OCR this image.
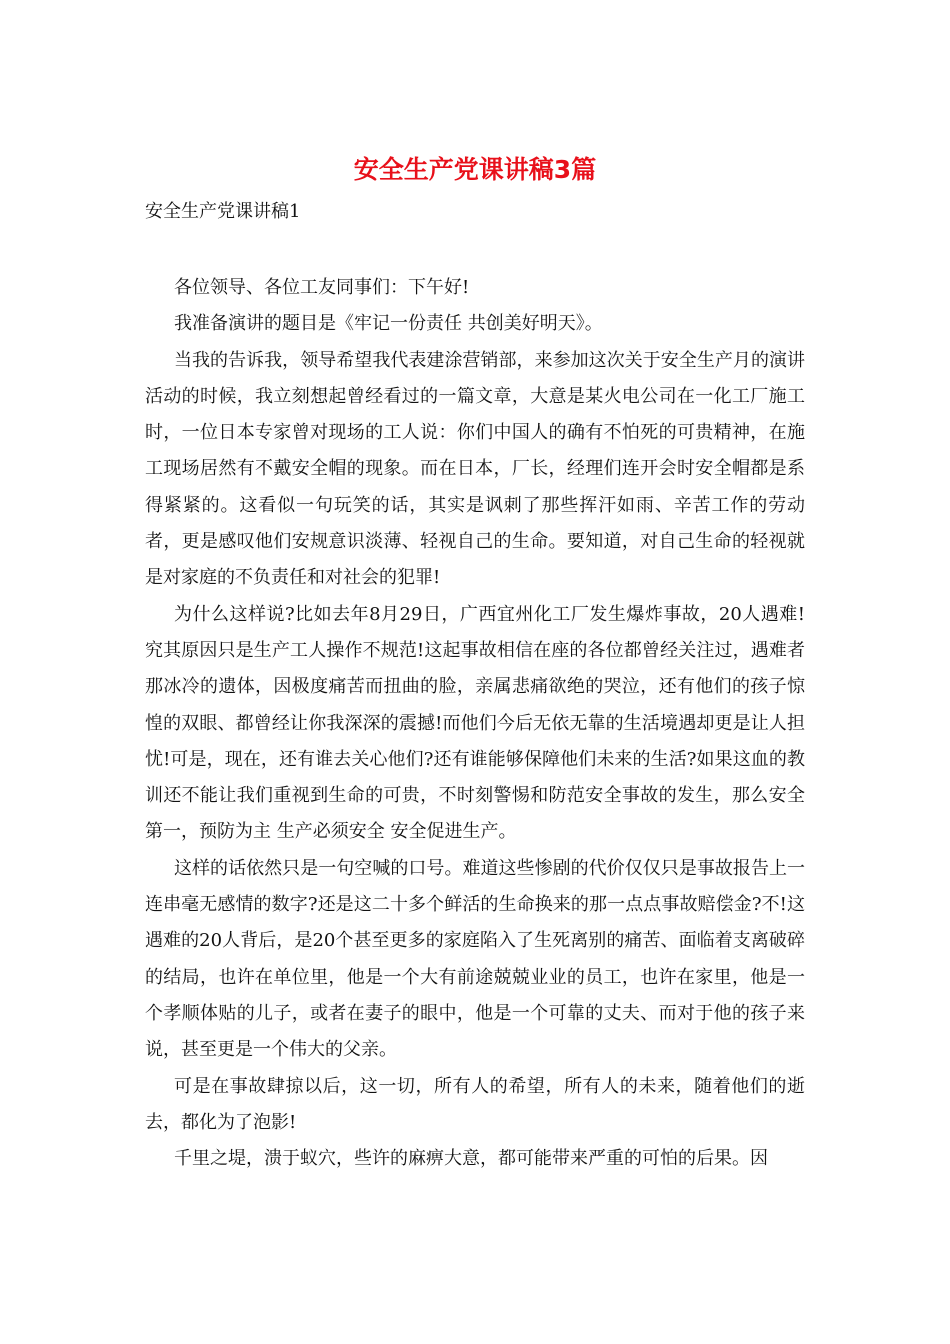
安全生产党课讲稿3篇
安全生产党课讲稿1

各位领导、各位工友同事们：下午好!

我准备演讲的题目是《牢记一份责任 共创美好明天》。

当我的告诉我，领导希望我代表建涂营销部，来参加这次关于安全生产月的演讲活动的时候，我立刻想起曾经看过的一篇文章，大意是某火电公司在一化工厂施工时，一位日本专家曾对现场的工人说：你们中国人的确有不怕死的可贵精神，在施工现场居然有不戴安全帽的现象。而在日本，厂长，经理们连开会时安全帽都是系得紧紧的。这看似一句玩笑的话，其实是讽刺了那些挥汗如雨、辛苦工作的劳动者，更是感叹他们安规意识淡薄、轻视自己的生命。要知道，对自己生命的轻视就是对家庭的不负责任和对社会的犯罪!

为什么这样说?比如去年8月29日，广西宜州化工厂发生爆炸事故，20人遇难!究其原因只是生产工人操作不规范!这起事故相信在座的各位都曾经关注过，遇难者那冰冷的遗体，因极度痛苦而扭曲的脸，亲属悲痛欲绝的哭泣，还有他们的孩子惊惶的双眼、都曾经让你我深深的震撼!而他们今后无依无靠的生活境遇却更是让人担忧!可是，现在，还有谁去关心他们?还有谁能够保障他们未来的生活?如果这血的教训还不能让我们重视到生命的可贵，不时刻警惕和防范安全事故的发生，那么安全第一，预防为主 生产必须安全 安全促进生产。

这样的话依然只是一句空喊的口号。难道这些惨剧的代价仅仅只是事故报告上一连串毫无感情的数字?还是这二十多个鲜活的生命换来的那一点点事故赔偿金?不!这遇难的20人背后，是20个甚至更多的家庭陷入了生死离别的痛苦、面临着支离破碎的结局，也许在单位里，他是一个大有前途兢兢业业的员工，也许在家里，他是一个孝顺体贴的儿子，或者在妻子的眼中，他是一个可靠的丈夫、而对于他的孩子来说，甚至更是一个伟大的父亲。

可是在事故肆掠以后，这一切，所有人的希望，所有人的未来，随着他们的逝去，都化为了泡影!

千里之堤，溃于蚁穴，些许的麻痹大意，都可能带来严重的可怕的后果。因
